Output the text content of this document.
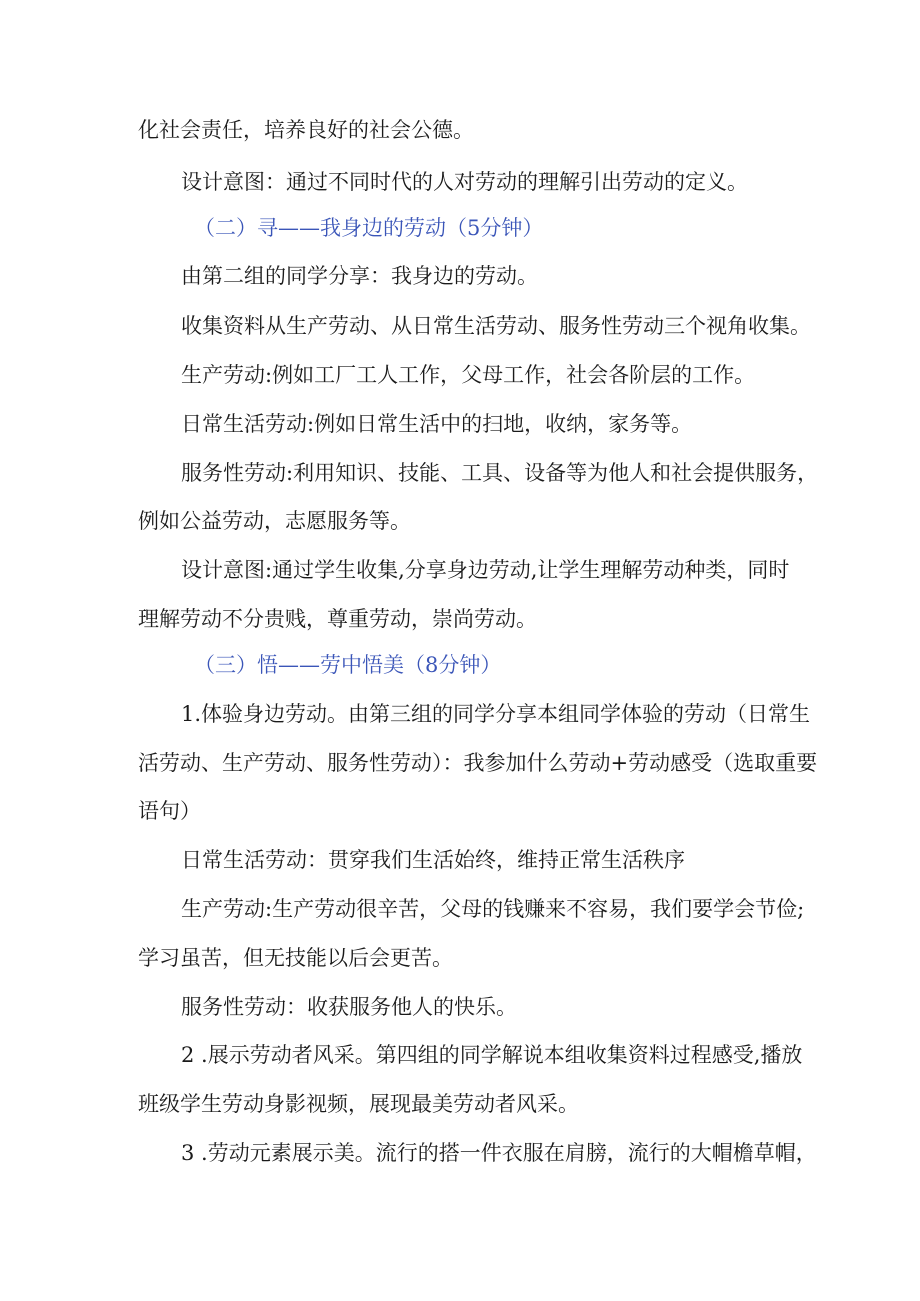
化社会责任，培养良好的社会公德。
设计意图：通过不同时代的人对劳动的理解引出劳动的定义。
（二）寻——我身边的劳动（5分钟）
由第二组的同学分享：我身边的劳动。
收集资料从生产劳动、从日常生活劳动、服务性劳动三个视角收集。
生产劳动:例如工厂工人工作，父母工作，社会各阶层的工作。
日常生活劳动:例如日常生活中的扫地，收纳，家务等。
服务性劳动:利用知识、技能、工具、设备等为他人和社会提供服务，
例如公益劳动，志愿服务等。
设计意图:通过学生收集,分享身边劳动,让学生理解劳动种类，同时
理解劳动不分贵贱，尊重劳动，崇尚劳动。
（三）悟——劳中悟美（8分钟）
1.体验身边劳动。由第三组的同学分享本组同学体验的劳动（日常生
活劳动、生产劳动、服务性劳动）：我参加什么劳动+劳动感受（选取重要
语句）
日常生活劳动：贯穿我们生活始终，维持正常生活秩序
生产劳动:生产劳动很辛苦，父母的钱赚来不容易，我们要学会节俭;
学习虽苦，但无技能以后会更苦。
服务性劳动：收获服务他人的快乐。
2 .展示劳动者风采。第四组的同学解说本组收集资料过程感受,播放
班级学生劳动身影视频，展现最美劳动者风采。
3 .劳动元素展示美。流行的搭一件衣服在肩膀，流行的大帽檐草帽，
